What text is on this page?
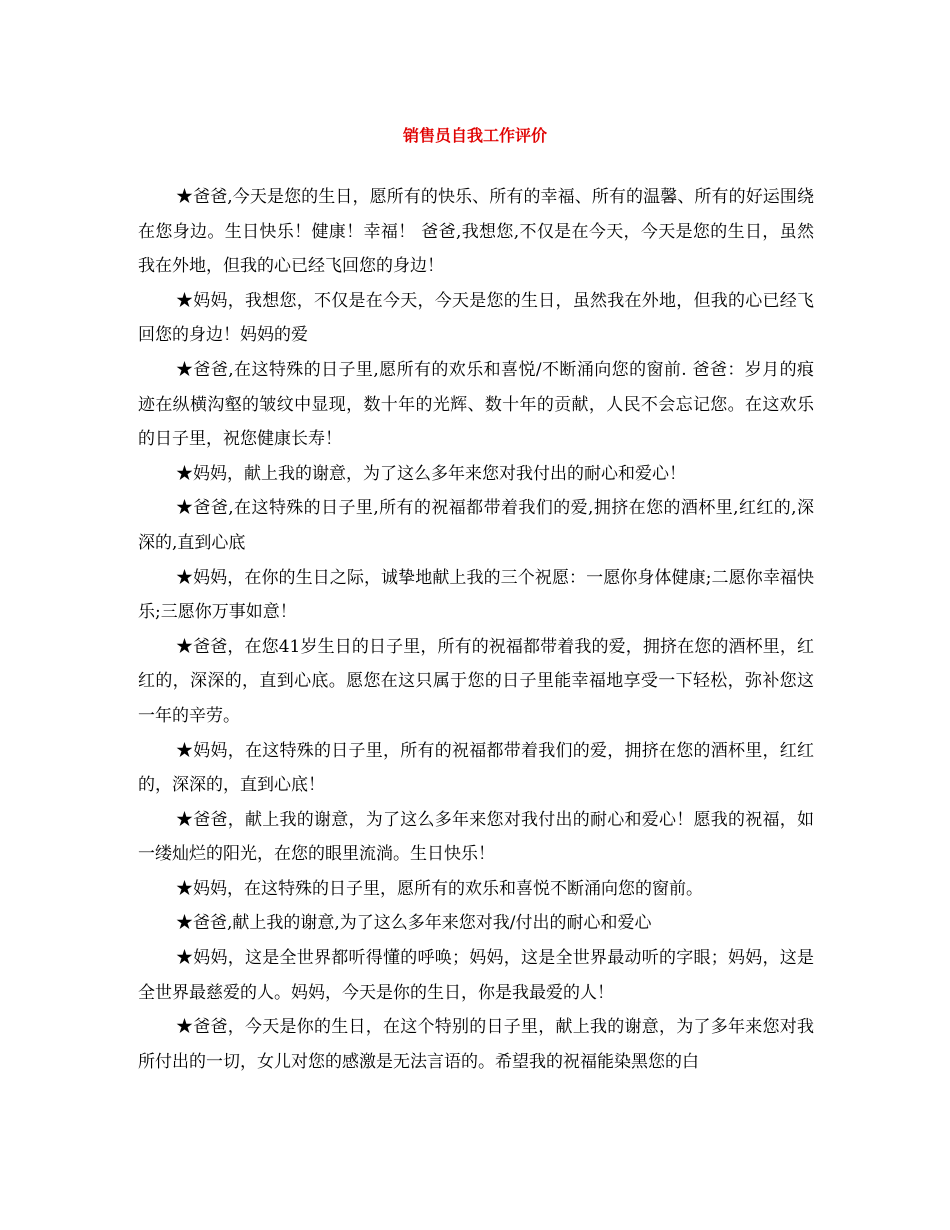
销售员自我工作评价

★爸爸,今天是您的生日，愿所有的快乐、所有的幸福、所有的温馨、所有的好运围绕在您身边。生日快乐！健康！幸福！ 爸爸,我想您,不仅是在今天，今天是您的生日，虽然我在外地，但我的心已经飞回您的身边！

★妈妈，我想您，不仅是在今天，今天是您的生日，虽然我在外地，但我的心已经飞回您的身边！妈妈的爱

★爸爸,在这特殊的日子里,愿所有的欢乐和喜悦/不断涌向您的窗前. 爸爸：岁月的痕迹在纵横沟壑的皱纹中显现，数十年的光辉、数十年的贡献，人民不会忘记您。在这欢乐的日子里，祝您健康长寿！

★妈妈，献上我的谢意，为了这么多年来您对我付出的耐心和爱心！

★爸爸,在这特殊的日子里,所有的祝福都带着我们的爱,拥挤在您的酒杯里,红红的,深深的,直到心底

★妈妈，在你的生日之际，诚挚地献上我的三个祝愿：一愿你身体健康;二愿你幸福快乐;三愿你万事如意！

★爸爸，在您41岁生日的日子里，所有的祝福都带着我的爱，拥挤在您的酒杯里，红红的，深深的，直到心底。愿您在这只属于您的日子里能幸福地享受一下轻松，弥补您这一年的辛劳。

★妈妈，在这特殊的日子里，所有的祝福都带着我们的爱，拥挤在您的酒杯里，红红的，深深的，直到心底！

★爸爸，献上我的谢意，为了这么多年来您对我付出的耐心和爱心！愿我的祝福，如一缕灿烂的阳光，在您的眼里流淌。生日快乐！

★妈妈，在这特殊的日子里，愿所有的欢乐和喜悦不断涌向您的窗前。

★爸爸,献上我的谢意,为了这么多年来您对我/付出的耐心和爱心

★妈妈，这是全世界都听得懂的呼唤；妈妈，这是全世界最动听的字眼；妈妈，这是全世界最慈爱的人。妈妈，今天是你的生日，你是我最爱的人！

★爸爸，今天是你的生日，在这个特别的日子里，献上我的谢意，为了多年来您对我所付出的一切，女儿对您的感激是无法言语的。希望我的祝福能染黑您的白
